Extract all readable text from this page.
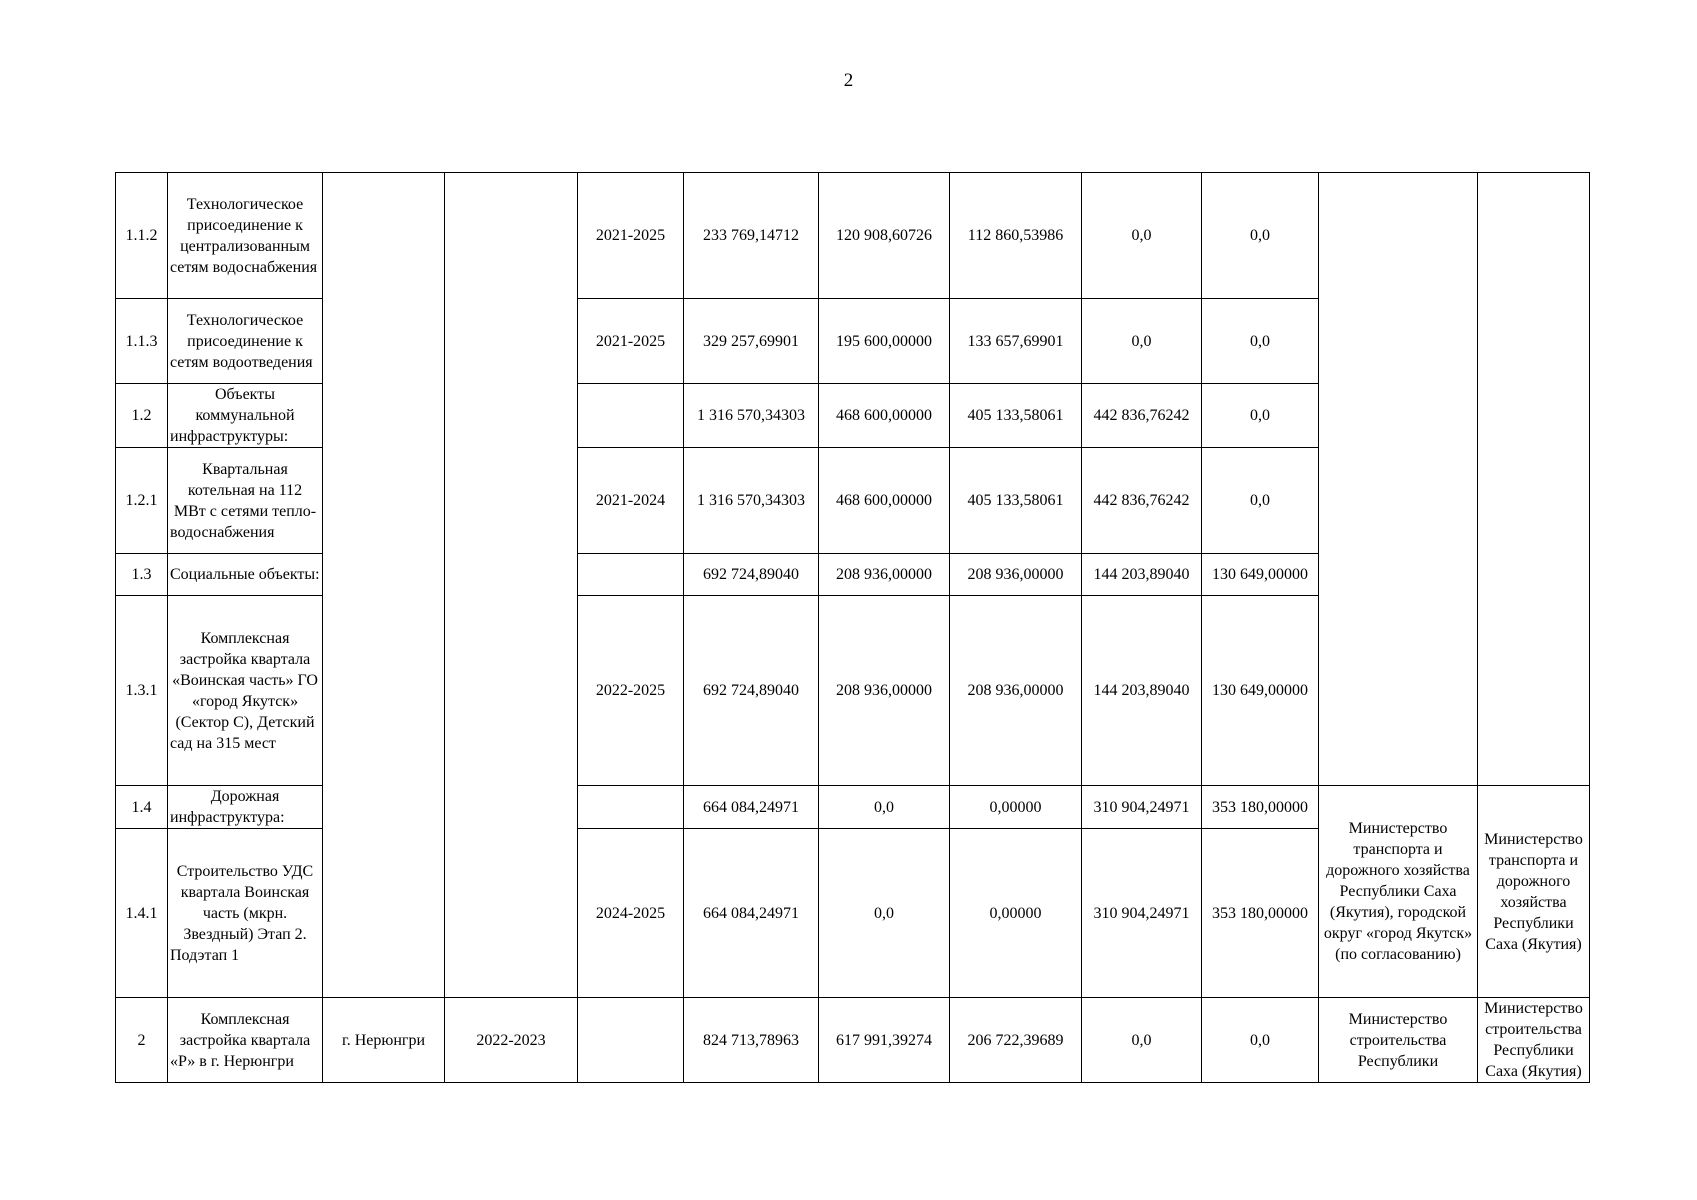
2
1.1.2	Технологическое присоединение к централизованным сетям водоснабжения			2021-2025	233 769,14712	120 908,60726	112 860,53986	0,0	0,0		
1.1.3	Технологическое присоединение к сетям водоотведения			2021-2025	329 257,69901	195 600,00000	133 657,69901	0,0	0,0		
1.2	Объекты коммунальной инфраструктуры:				1 316 570,34303	468 600,00000	405 133,58061	442 836,76242	0,0		
1.2.1	Квартальная котельная на 112 МВт с сетями тепло-водоснабжения			2021-2024	1 316 570,34303	468 600,00000	405 133,58061	442 836,76242	0,0		
1.3	Социальные объекты:				692 724,89040	208 936,00000	208 936,00000	144 203,89040	130 649,00000		
1.3.1	Комплексная застройка квартала «Воинская часть» ГО «город Якутск» (Сектор С), Детский сад на 315 мест			2022-2025	692 724,89040	208 936,00000	208 936,00000	144 203,89040	130 649,00000		
1.4	Дорожная инфраструктура:				664 084,24971	0,0	0,00000	310 904,24971	353 180,00000	Министерство транспорта и дорожного хозяйства Республики Саха (Якутия), городской округ «город Якутск» (по согласованию)	Министерство транспорта и дорожного хозяйства Республики Саха (Якутия)
1.4.1	Строительство УДС квартала Воинская часть (мкрн. Звездный) Этап 2. Подэтап 1			2024-2025	664 084,24971	0,0	0,00000	310 904,24971	353 180,00000		
2	Комплексная застройка квартала «Р» в г. Нерюнгри	г. Нерюнгри	2022-2023		824 713,78963	617 991,39274	206 722,39689	0,0	0,0	Министерство строительства Республики	Министерство строительства Республики Саха (Якутия)
